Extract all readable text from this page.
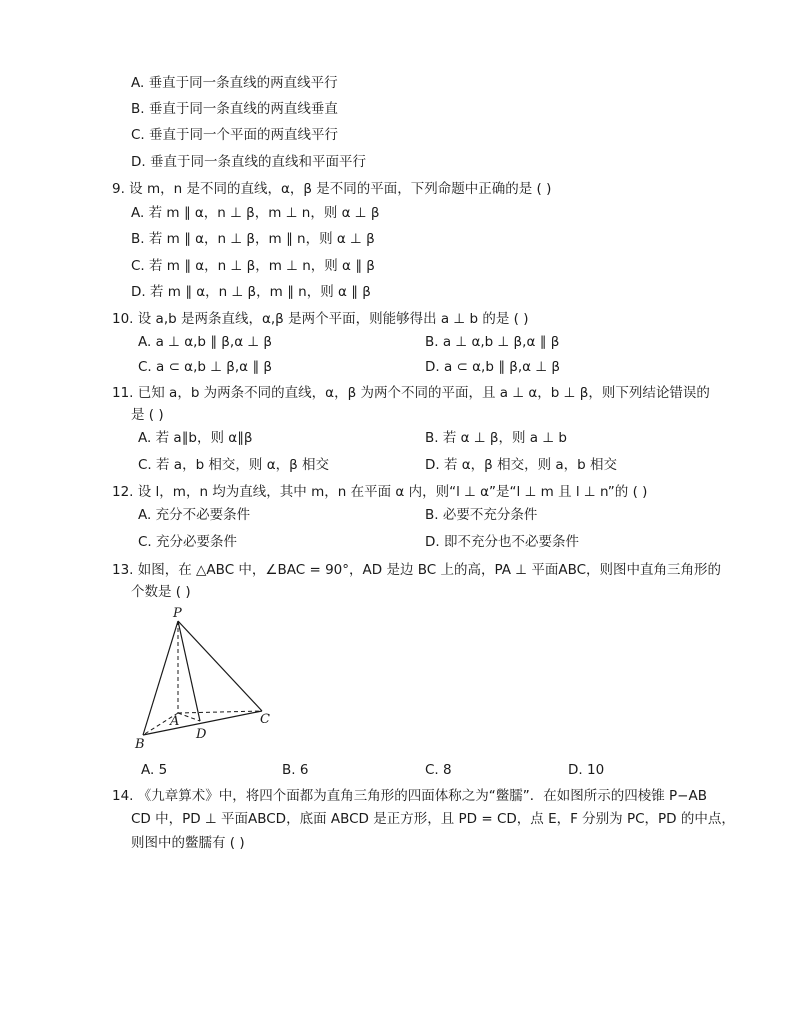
A. 垂直于同一条直线的两直线平行
B. 垂直于同一条直线的两直线垂直
C. 垂直于同一个平面的两直线平行
D. 垂直于同一条直线的直线和平面平行
9. 设 m，n 是不同的直线，α，β 是不同的平面，下列命题中正确的是 ( )
A. 若 m ∥ α，n ⊥ β，m ⊥ n，则 α ⊥ β
B. 若 m ∥ α，n ⊥ β，m ∥ n，则 α ⊥ β
C. 若 m ∥ α，n ⊥ β，m ⊥ n，则 α ∥ β
D. 若 m ∥ α，n ⊥ β，m ∥ n，则 α ∥ β
10. 设 a,b 是两条直线，α,β 是两个平面，则能够得出 a ⊥ b 的是 ( )
A. a ⊥ α,b ∥ β,α ⊥ β	B. a ⊥ α,b ⊥ β,α ∥ β
C. a ⊂ α,b ⊥ β,α ∥ β	D. a ⊂ α,b ∥ β,α ⊥ β
11. 已知 a，b 为两条不同的直线，α，β 为两个不同的平面，且 a ⊥ α，b ⊥ β，则下列结论错误的
是 ( )
A. 若 a∥b，则 α∥β	B. 若 α ⊥ β，则 a ⊥ b
C. 若 a，b 相交，则 α，β 相交	D. 若 α，β 相交，则 a，b 相交
12. 设 l，m，n 均为直线，其中 m，n 在平面 α 内，则“l ⊥ α”是“l ⊥ m 且 l ⊥ n”的 ( )
A. 充分不必要条件	B. 必要不充分条件
C. 充分必要条件	D. 即不充分也不必要条件
13. 如图，在 △ABC 中，∠BAC = 90°，AD 是边 BC 上的高，PA ⊥ 平面ABC，则图中直角三角形的
个数是 ( )
P
A
B
C
D
A. 5	B. 6	C. 8	D. 10
14. 《九章算术》中，将四个面都为直角三角形的四面体称之为“鳖臑”．在如图所示的四棱锥 P−AB
CD 中，PD ⊥ 平面ABCD，底面 ABCD 是正方形，且 PD = CD，点 E，F 分别为 PC，PD 的中点，
则图中的鳖臑有 ( )
